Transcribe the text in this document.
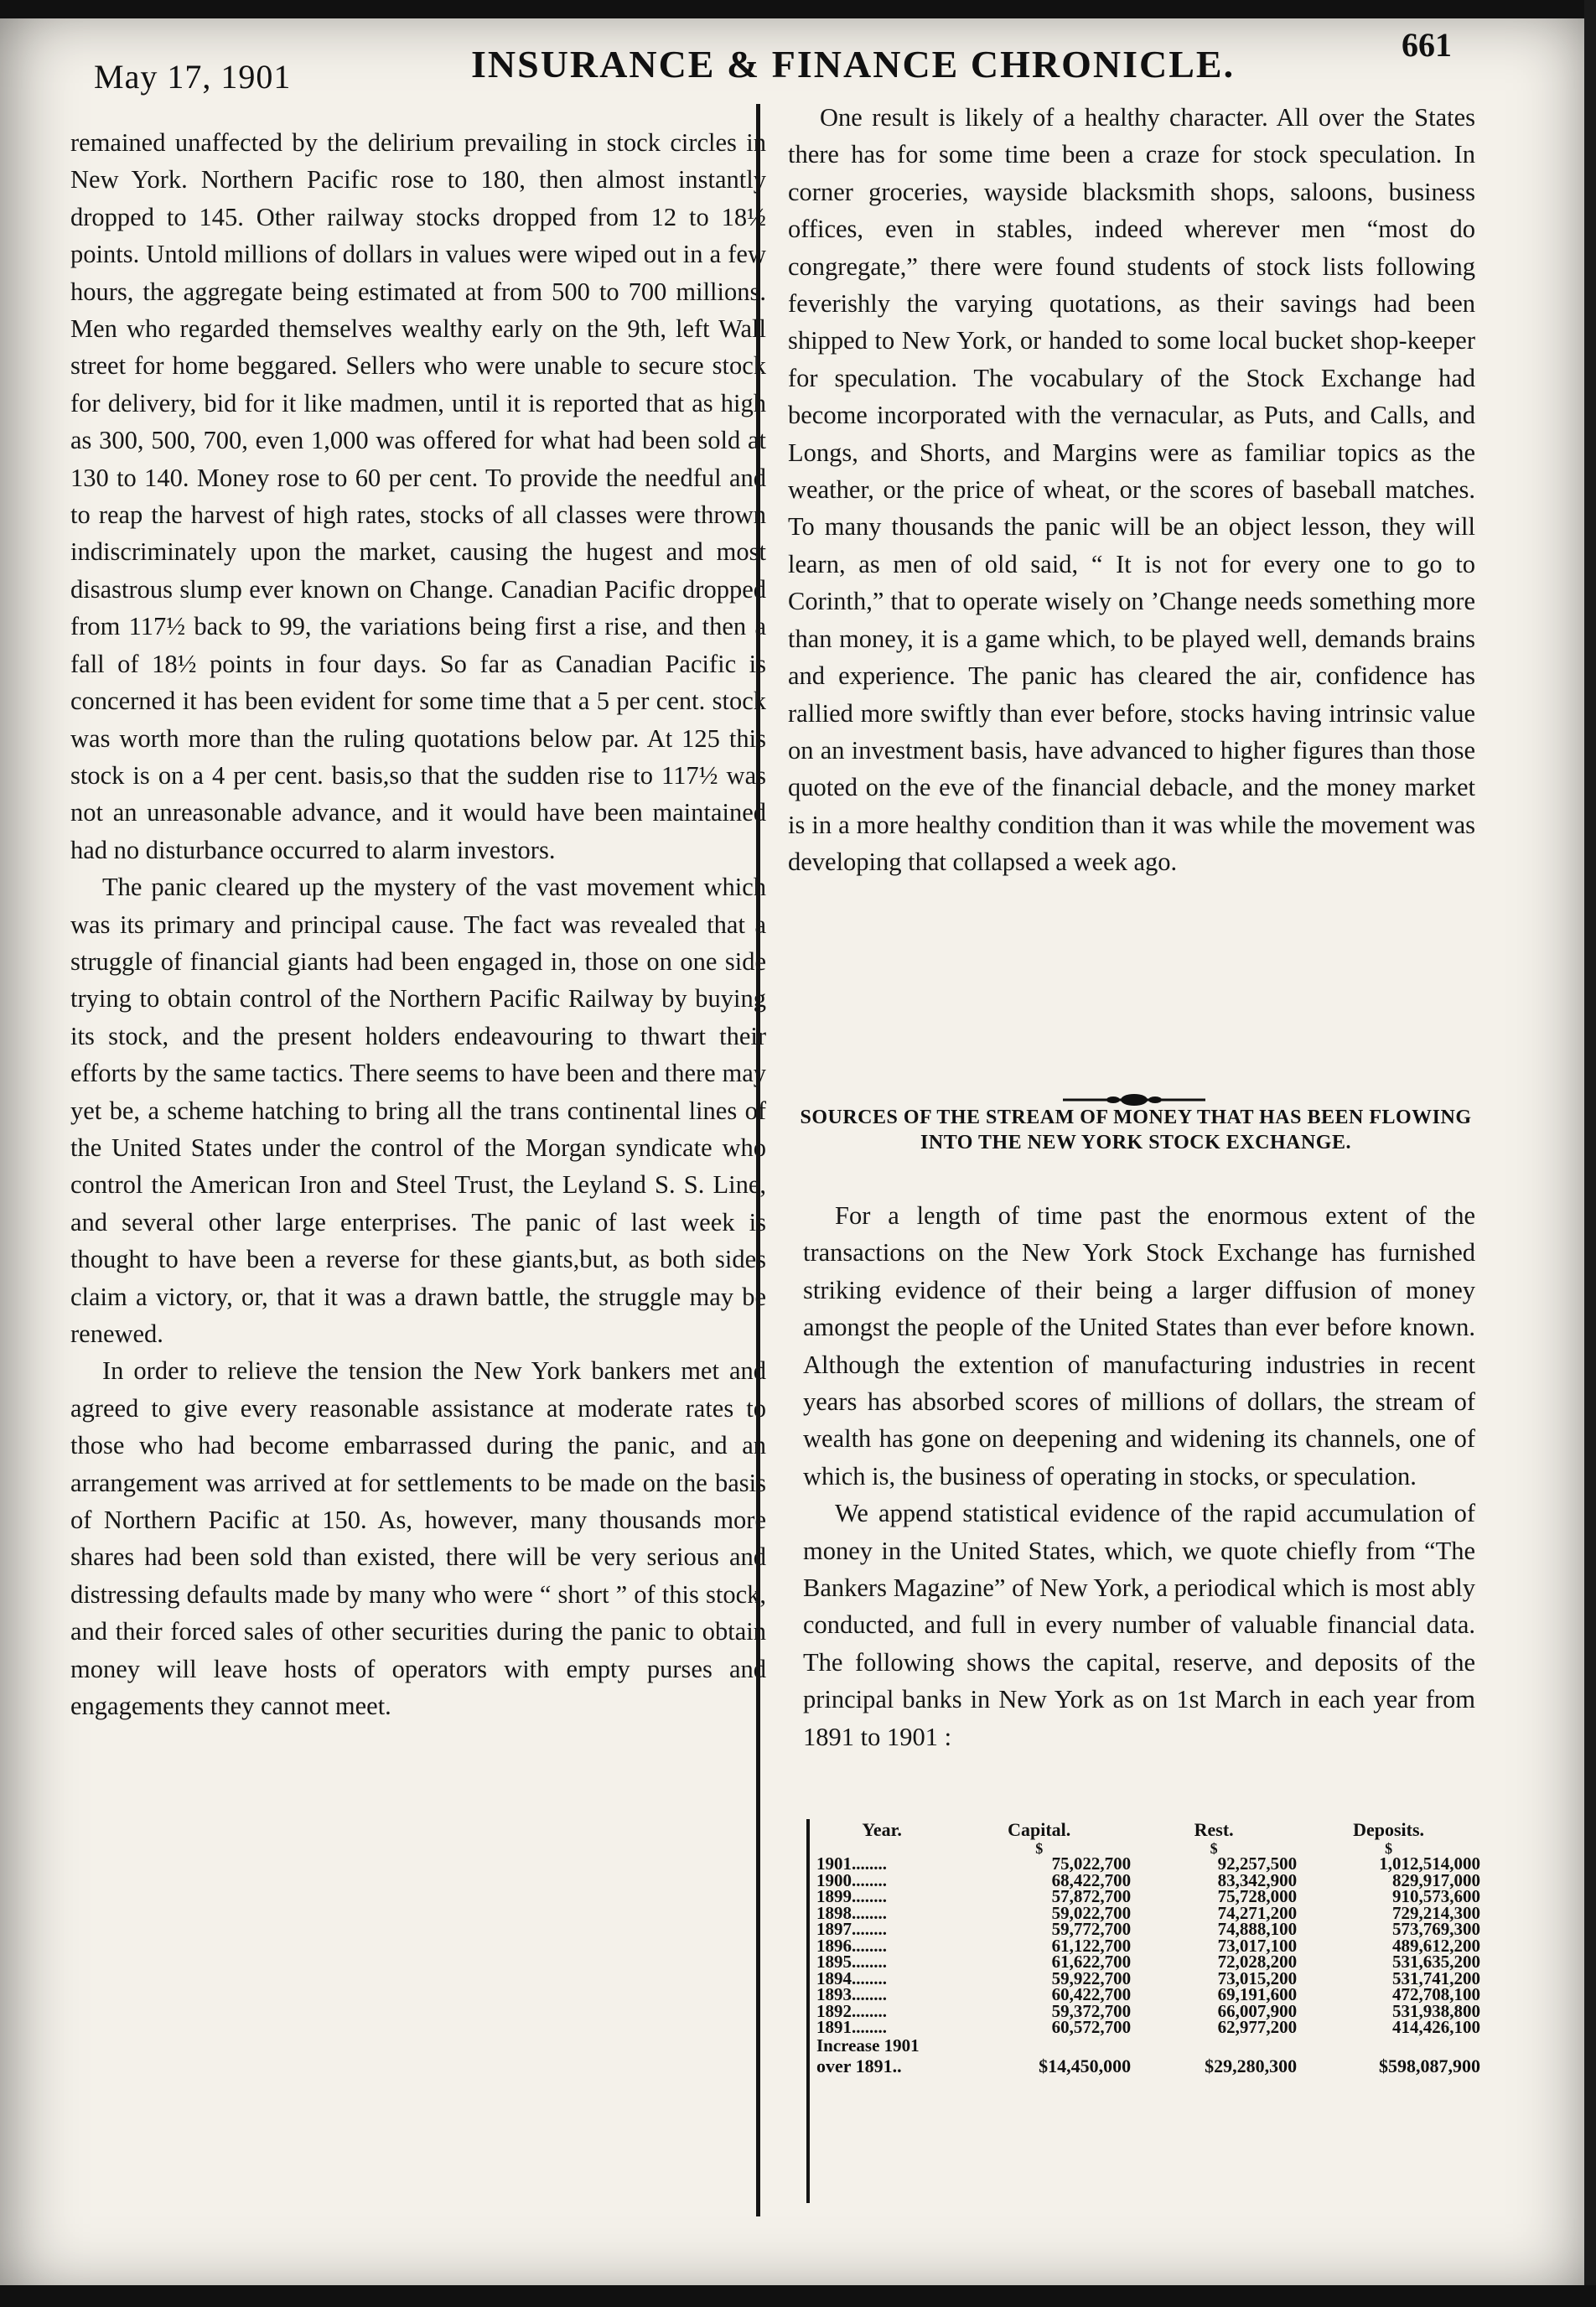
May 17, 1901	INSURANCE & FINANCE CHRONICLE.	661

remained unaffected by the delirium prevailing in stock circles in New York. Northern Pacific rose to 180, then almost instantly dropped to 145. Other railway stocks dropped from 12 to 18½ points. Untold millions of dollars in values were wiped out in a few hours, the aggregate being estimated at from 500 to 700 millions. Men who regarded themselves wealthy early on the 9th, left Wall street for home beggared. Sellers who were unable to secure stock for delivery, bid for it like madmen, until it is reported that as high as 300, 500, 700, even 1,000 was offered for what had been sold at 130 to 140. Money rose to 60 per cent. To provide the needful and to reap the harvest of high rates, stocks of all classes were thrown indiscriminately upon the market, causing the hugest and most disastrous slump ever known on Change. Canadian Pacific dropped from 117½ back to 99, the variations being first a rise, and then a fall of 18½ points in four days. So far as Canadian Pacific is concerned it has been evident for some time that a 5 per cent. stock was worth more than the ruling quotations below par. At 125 this stock is on a 4 per cent. basis,so that the sudden rise to 117½ was not an unreasonable advance, and it would have been maintained had no disturbance occurred to alarm investors.

The panic cleared up the mystery of the vast movement which was its primary and principal cause. The fact was revealed that a struggle of financial giants had been engaged in, those on one side trying to obtain control of the Northern Pacific Railway by buying its stock, and the present holders endeavouring to thwart their efforts by the same tactics. There seems to have been and there may yet be, a scheme hatching to bring all the trans continental lines of the United States under the control of the Morgan syndicate who control the American Iron and Steel Trust, the Leyland S. S. Line, and several other large enterprises. The panic of last week is thought to have been a reverse for these giants,but, as both sides claim a victory, or, that it was a drawn battle, the struggle may be renewed.

In order to relieve the tension the New York bankers met and agreed to give every reasonable assistance at moderate rates to those who had become embarrassed during the panic, and an arrangement was arrived at for settlements to be made on the basis of Northern Pacific at 150. As, however, many thousands more shares had been sold than existed, there will be very serious and distressing defaults made by many who were “ short ” of this stock, and their forced sales of other securities during the panic to obtain money will leave hosts of operators with empty purses and engagements they cannot meet.

One result is likely of a healthy character. All over the States there has for some time been a craze for stock speculation. In corner groceries, wayside blacksmith shops, saloons, business offices, even in stables, indeed wherever men “most do congregate,” there were found students of stock lists following feverishly the varying quotations, as their savings had been shipped to New York, or handed to some local bucket shop-keeper for speculation. The vocabulary of the Stock Exchange had become incorporated with the vernacular, as Puts, and Calls, and Longs, and Shorts, and Margins were as familiar topics as the weather, or the price of wheat, or the scores of baseball matches. To many thousands the panic will be an object lesson, they will learn, as men of old said, “ It is not for every one to go to Corinth,” that to operate wisely on ’Change needs something more than money, it is a game which, to be played well, demands brains and experience. The panic has cleared the air, confidence has rallied more swiftly than ever before, stocks having intrinsic value on an investment basis, have advanced to higher figures than those quoted on the eve of the financial debacle, and the money market is in a more healthy condition than it was while the movement was developing that collapsed a week ago.

SOURCES OF THE STREAM OF MONEY THAT HAS BEEN FLOWING INTO THE NEW YORK STOCK EXCHANGE.

For a length of time past the enormous extent of the transactions on the New York Stock Exchange has furnished striking evidence of their being a larger diffusion of money amongst the people of the United States than ever before known. Although the extention of manufacturing industries in recent years has absorbed scores of millions of dollars, the stream of wealth has gone on deepening and widening its channels, one of which is, the business of operating in stocks, or speculation.

We append statistical evidence of the rapid accumulation of money in the United States, which, we quote chiefly from “The Bankers Magazine” of New York, a periodical which is most ably conducted, and full in every number of valuable financial data. The following shows the capital, reserve, and deposits of the principal banks in New York as on 1st March in each year from 1891 to 1901 :

Year.	Capital.	Rest.	Deposits.
	$	$	$
1901........	75,022,700	92,257,500	1,012,514,000
1900........	68,422,700	83,342,900	829,917,000
1899........	57,872,700	75,728,000	910,573,600
1898........	59,022,700	74,271,200	729,214,300
1897........	59,772,700	74,888,100	573,769,300
1896........	61,122,700	73,017,100	489,612,200
1895........	61,622,700	72,028,200	531,635,200
1894........	59,922,700	73,015,200	531,741,200
1893........	60,422,700	69,191,600	472,708,100
1892........	59,372,700	66,007,900	531,938,800
1891........	60,572,700	62,977,200	414,426,100
Increase 1901			
over 1891..	$14,450,000	$29,280,300	$598,087,900
